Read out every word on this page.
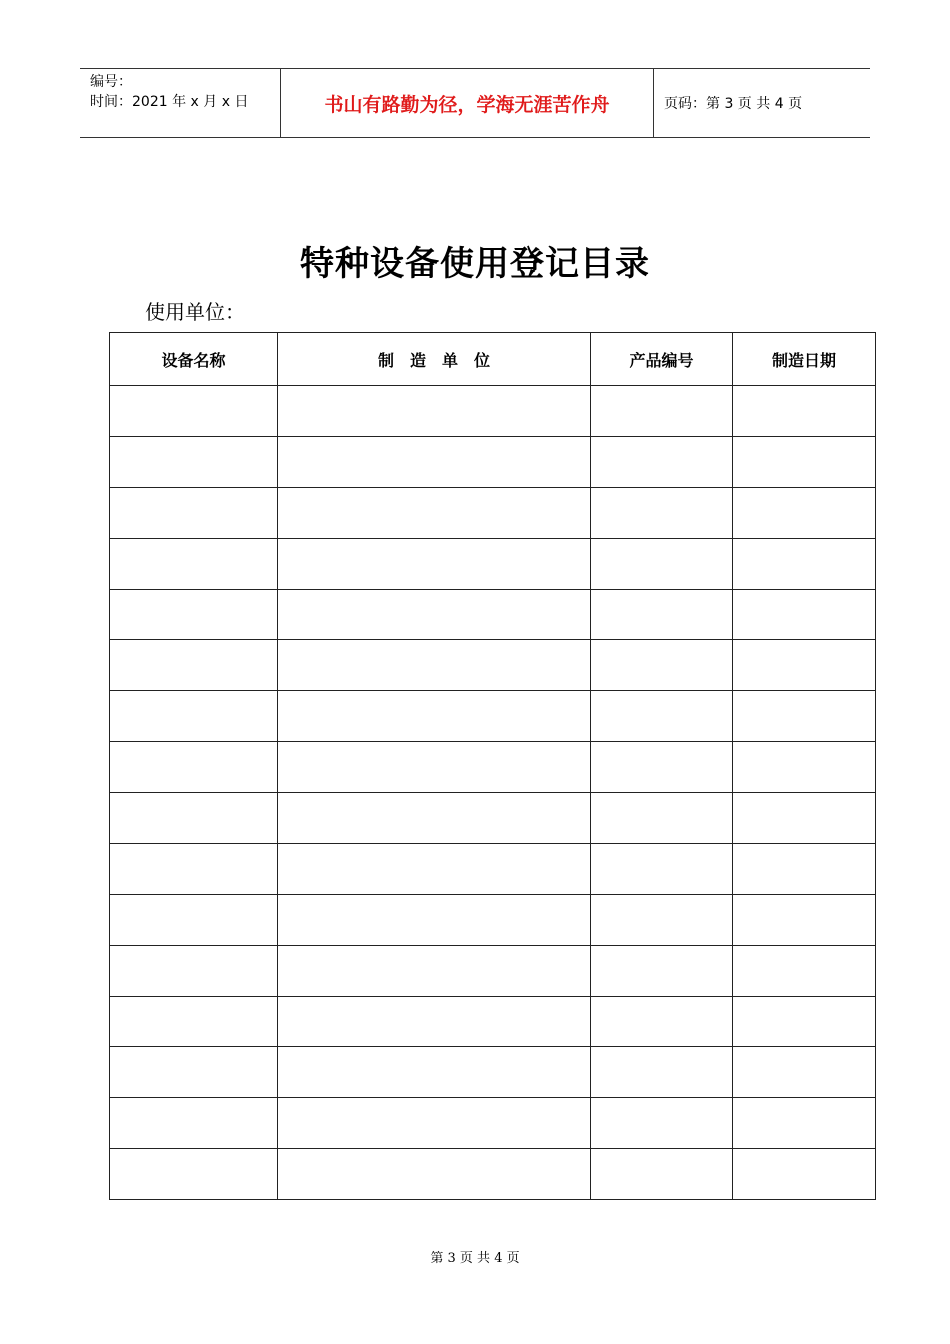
编号：
时间：2021 年 x 月 x 日	书山有路勤为径，学海无涯苦作舟	页码：第 3 页 共 4 页
特种设备使用登记目录
使用单位：
设备名称	制　造　单　位	产品编号	制造日期

第 3 页 共 4 页
